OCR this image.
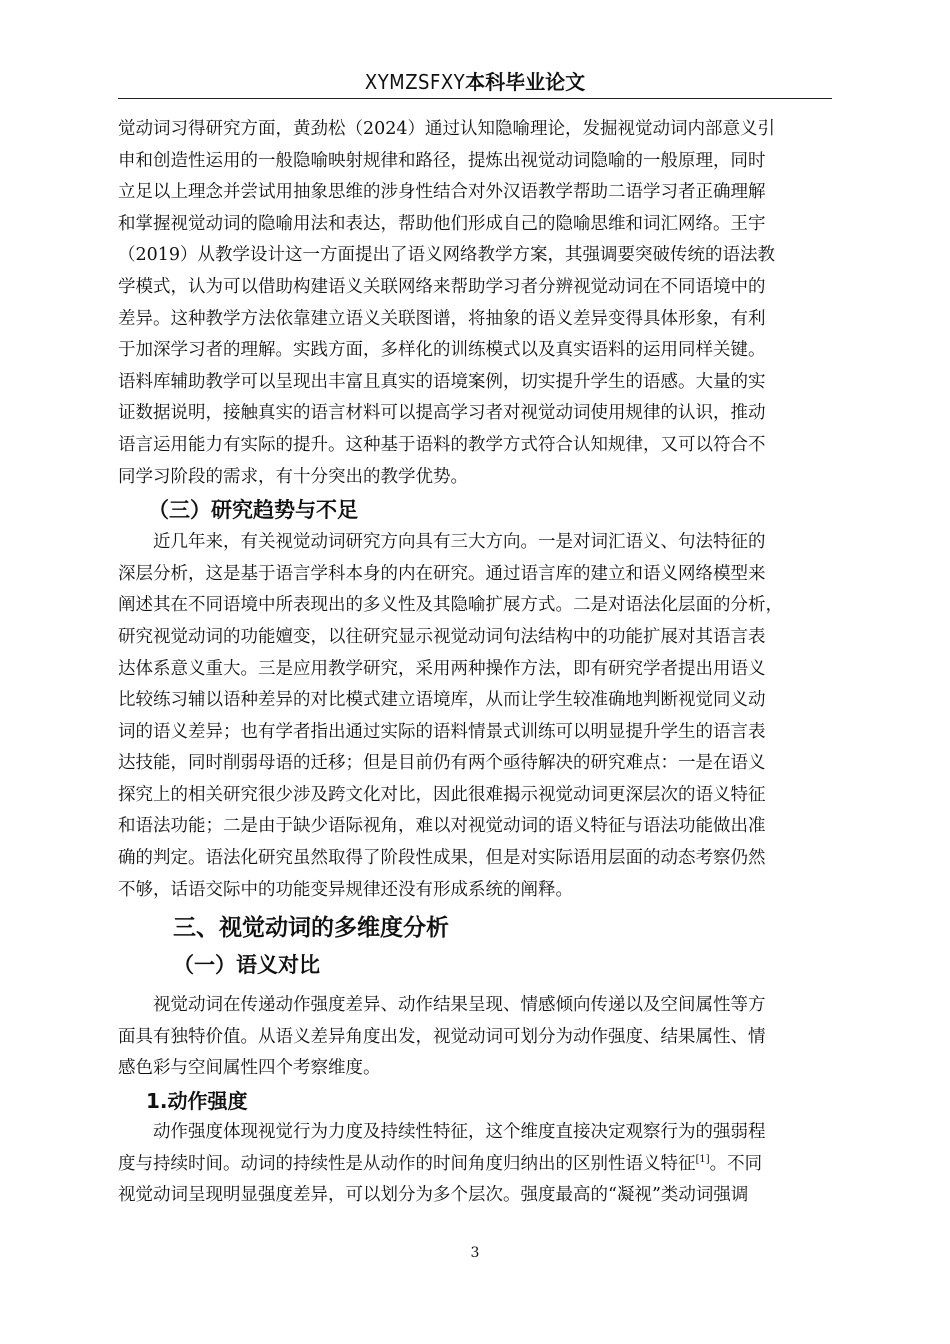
XYMZSFXY本科毕业论文

觉动词习得研究方面，黄劲松（2024）通过认知隐喻理论，发掘视觉动词内部意义引
申和创造性运用的一般隐喻映射规律和路径，提炼出视觉动词隐喻的一般原理，同时
立足以上理念并尝试用抽象思维的涉身性结合对外汉语教学帮助二语学习者正确理解
和掌握视觉动词的隐喻用法和表达，帮助他们形成自己的隐喻思维和词汇网络。王宇
（2019）从教学设计这一方面提出了语义网络教学方案，其强调要突破传统的语法教
学模式，认为可以借助构建语义关联网络来帮助学习者分辨视觉动词在不同语境中的
差异。这种教学方法依靠建立语义关联图谱，将抽象的语义差异变得具体形象，有利
于加深学习者的理解。实践方面，多样化的训练模式以及真实语料的运用同样关键。
语料库辅助教学可以呈现出丰富且真实的语境案例，切实提升学生的语感。大量的实
证数据说明，接触真实的语言材料可以提高学习者对视觉动词使用规律的认识，推动
语言运用能力有实际的提升。这种基于语料的教学方式符合认知规律，又可以符合不
同学习阶段的需求，有十分突出的教学优势。

（三）研究趋势与不足

近几年来，有关视觉动词研究方向具有三大方向。一是对词汇语义、句法特征的
深层分析，这是基于语言学科本身的内在研究。通过语言库的建立和语义网络模型来
阐述其在不同语境中所表现出的多义性及其隐喻扩展方式。二是对语法化层面的分析，
研究视觉动词的功能嬗变，以往研究显示视觉动词句法结构中的功能扩展对其语言表
达体系意义重大。三是应用教学研究，采用两种操作方法，即有研究学者提出用语义
比较练习辅以语种差异的对比模式建立语境库，从而让学生较准确地判断视觉同义动
词的语义差异；也有学者指出通过实际的语料情景式训练可以明显提升学生的语言表
达技能，同时削弱母语的迁移；但是目前仍有两个亟待解决的研究难点：一是在语义
探究上的相关研究很少涉及跨文化对比，因此很难揭示视觉动词更深层次的语义特征
和语法功能；二是由于缺少语际视角，难以对视觉动词的语义特征与语法功能做出准
确的判定。语法化研究虽然取得了阶段性成果，但是对实际语用层面的动态考察仍然
不够，话语交际中的功能变异规律还没有形成系统的阐释。

三、视觉动词的多维度分析
（一）语义对比

视觉动词在传递动作强度差异、动作结果呈现、情感倾向传递以及空间属性等方
面具有独特价值。从语义差异角度出发，视觉动词可划分为动作强度、结果属性、情
感色彩与空间属性四个考察维度。

1.动作强度

动作强度体现视觉行为力度及持续性特征，这个维度直接决定观察行为的强弱程
度与持续时间。动词的持续性是从动作的时间角度归纳出的区别性语义特征[1]。不同
视觉动词呈现明显强度差异，可以划分为多个层次。强度最高的“凝视”类动词强调

3
